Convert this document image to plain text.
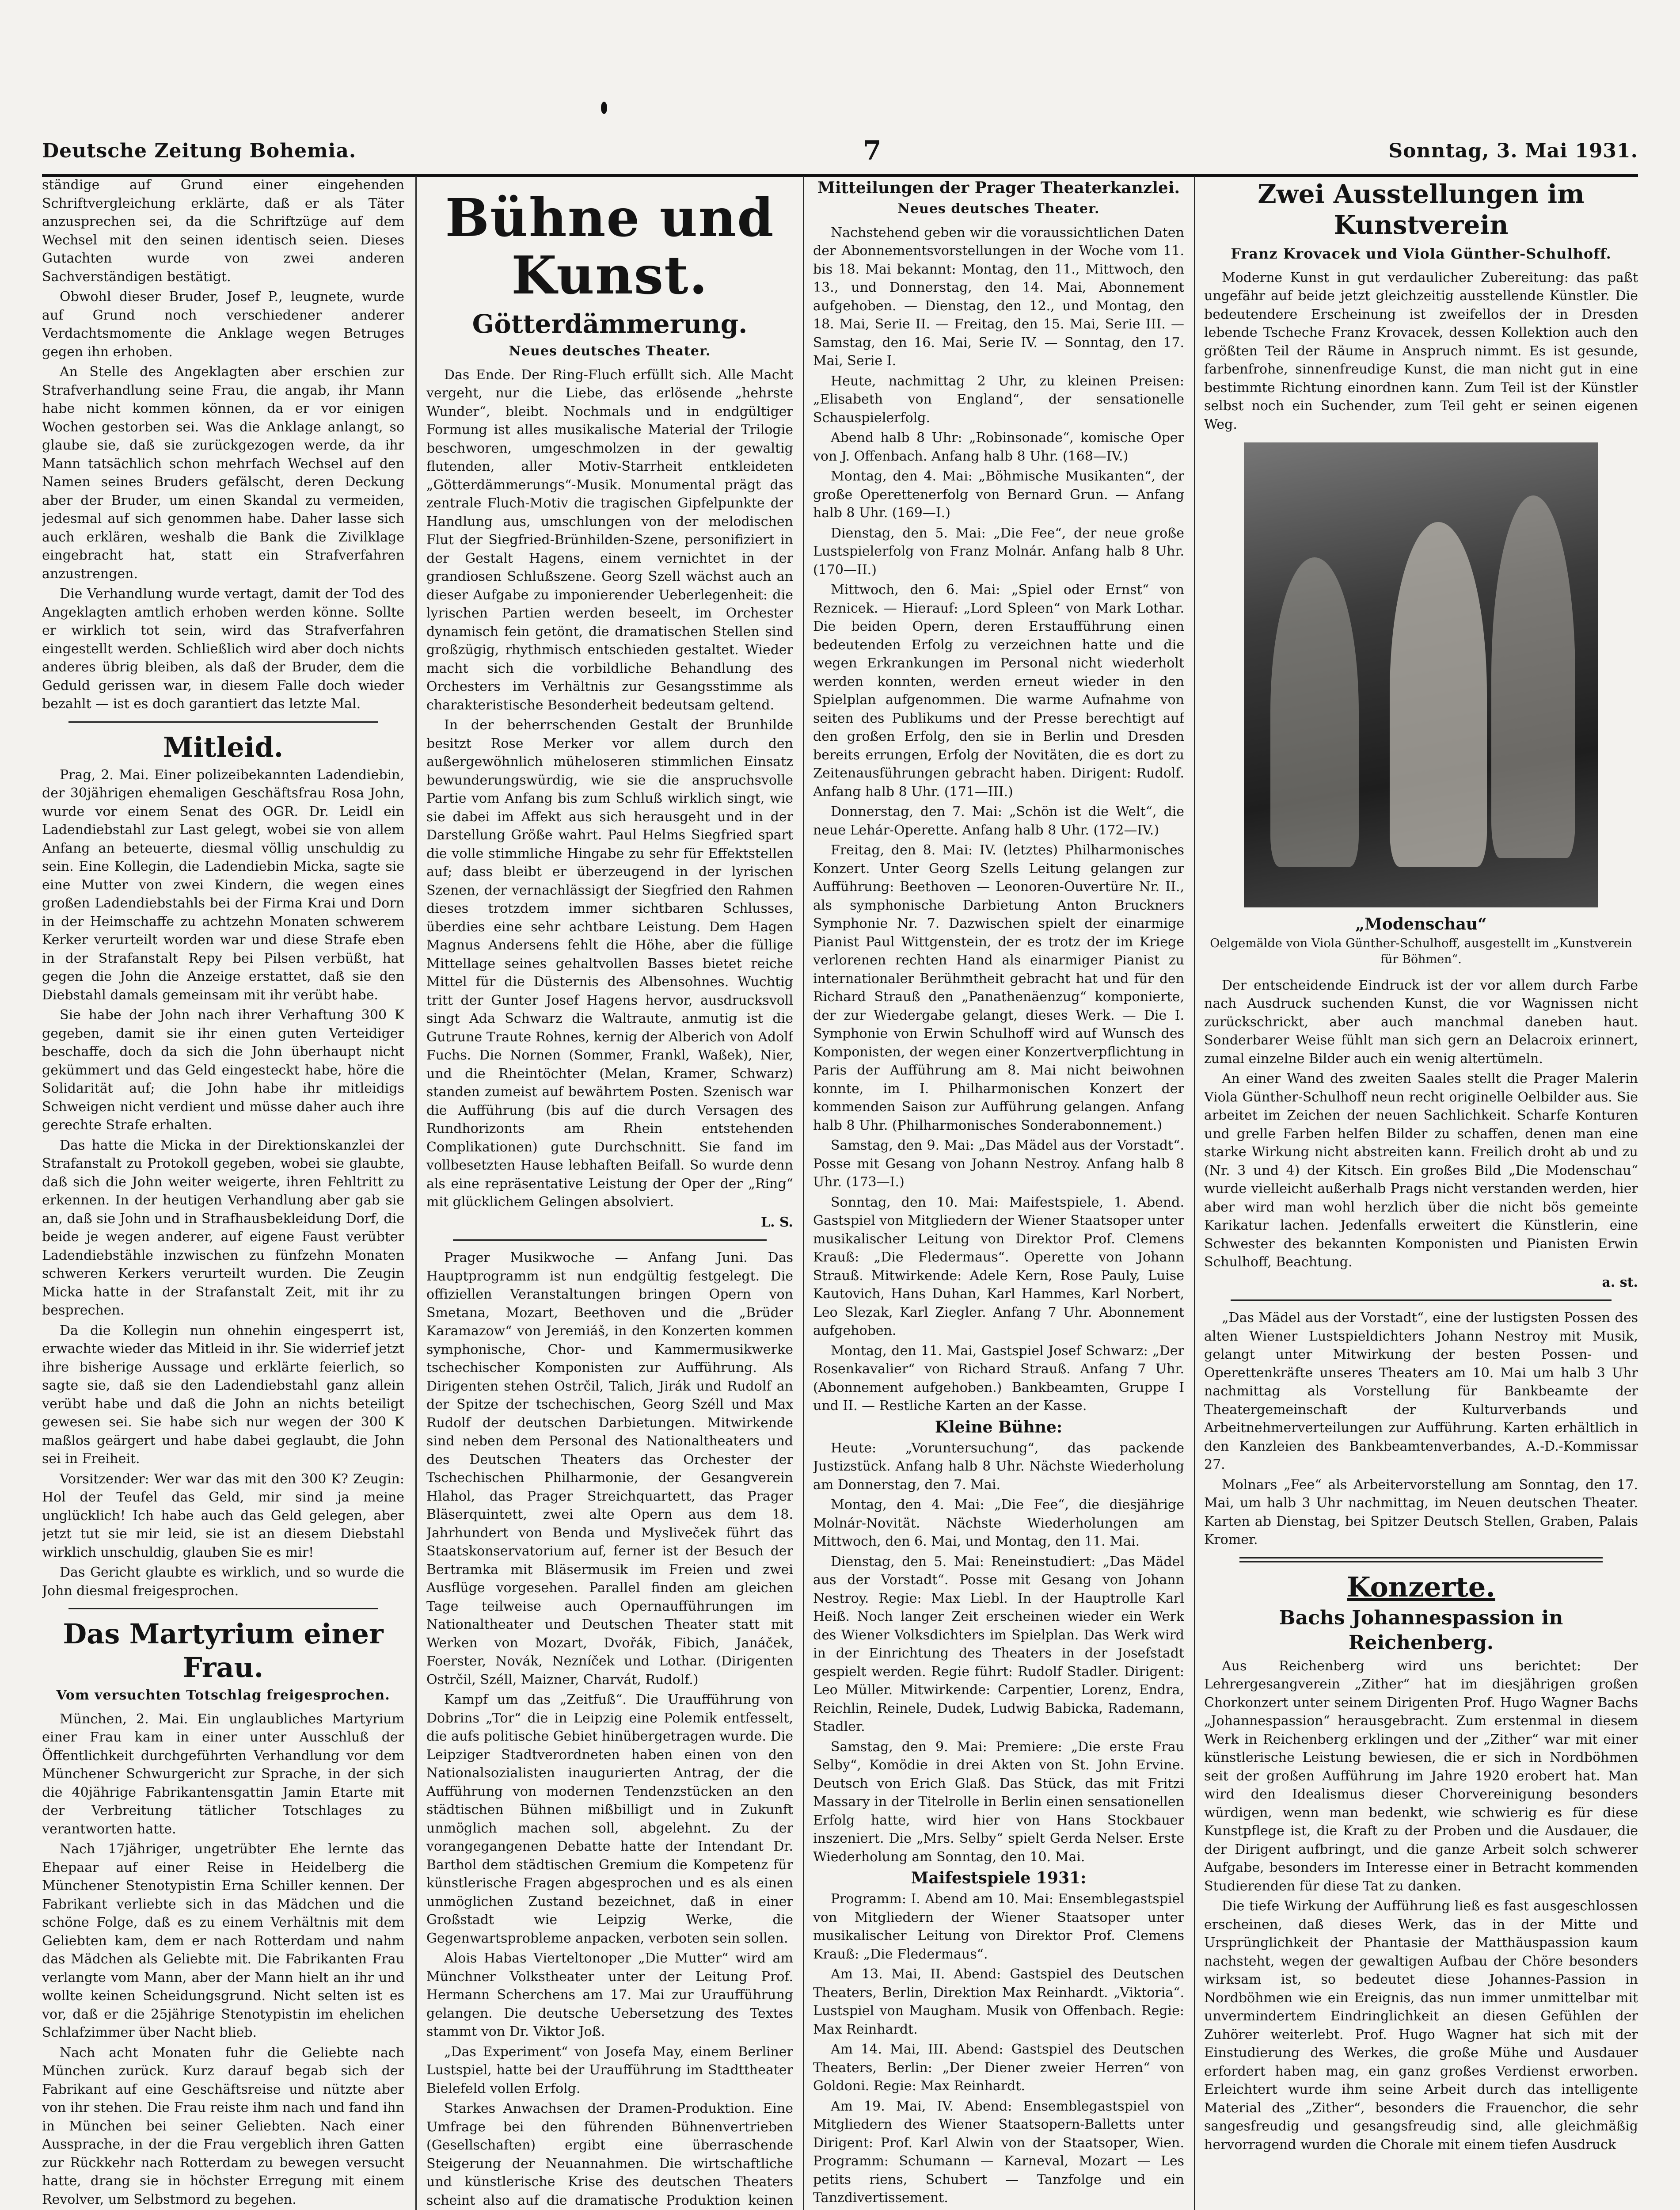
Deutsche Zeitung Bohemia.	7	Sonntag, 3. Mai 1931.

ständige auf Grund einer eingehenden Schriftvergleichung erklärte, daß er als Täter anzusprechen sei, da die Schriftzüge auf dem Wechsel mit den seinen identisch seien. Dieses Gutachten wurde von zwei anderen Sachverständigen bestätigt.

Obwohl dieser Bruder, Josef P., leugnete, wurde auf Grund noch verschiedener anderer Verdachtsmomente die Anklage wegen Betruges gegen ihn erhoben.

An Stelle des Angeklagten aber erschien zur Strafverhandlung seine Frau, die angab, ihr Mann habe nicht kommen können, da er vor einigen Wochen gestorben sei. Was die Anklage anlangt, so glaube sie, daß sie zurückgezogen werde, da ihr Mann tatsächlich schon mehrfach Wechsel auf den Namen seines Bruders gefälscht, deren Deckung aber der Bruder, um einen Skandal zu vermeiden, jedesmal auf sich genommen habe. Daher lasse sich auch erklären, weshalb die Bank die Zivilklage eingebracht hat, statt ein Strafverfahren anzustrengen.

Die Verhandlung wurde vertagt, damit der Tod des Angeklagten amtlich erhoben werden könne. Sollte er wirklich tot sein, wird das Strafverfahren eingestellt werden. Schließlich wird aber doch nichts anderes übrig bleiben, als daß der Bruder, dem die Geduld gerissen war, in diesem Falle doch wieder bezahlt — ist es doch garantiert das letzte Mal.

Mitleid.

Prag, 2. Mai. Einer polizeibekannten Ladendiebin, der 30jährigen ehemaligen Geschäftsfrau Rosa John, wurde vor einem Senat des OGR. Dr. Leidl ein Ladendiebstahl zur Last gelegt, wobei sie von allem Anfang an beteuerte, diesmal völlig unschuldig zu sein. Eine Kollegin, die Ladendiebin Micka, sagte sie eine Mutter von zwei Kindern, die wegen eines großen Ladendiebstahls bei der Firma Krai und Dorn in der Heimschaffe zu achtzehn Monaten schwerem Kerker verurteilt worden war und diese Strafe eben in der Strafanstalt Repy bei Pilsen verbüßt, hat gegen die John die Anzeige erstattet, daß sie den Diebstahl damals gemeinsam mit ihr verübt habe.

Sie habe der John nach ihrer Verhaftung 300 K gegeben, damit sie ihr einen guten Verteidiger beschaffe, doch da sich die John überhaupt nicht gekümmert und das Geld eingesteckt habe, höre die Solidarität auf; die John habe ihr mitleidigs Schweigen nicht verdient und müsse daher auch ihre gerechte Strafe erhalten.

Das hatte die Micka in der Direktionskanzlei der Strafanstalt zu Protokoll gegeben, wobei sie glaubte, daß sich die John weiter weigerte, ihren Fehltritt zu erkennen. In der heutigen Verhandlung aber gab sie an, daß sie John und in Strafhausbekleidung Dorf, die beide je wegen anderer, auf eigene Faust verübter Ladendiebstähle inzwischen zu fünfzehn Monaten schweren Kerkers verurteilt wurden. Die Zeugin Micka hatte in der Strafanstalt Zeit, mit ihr zu besprechen.

Da die Kollegin nun ohnehin eingesperrt ist, erwachte wieder das Mitleid in ihr. Sie widerrief jetzt ihre bisherige Aussage und erklärte feierlich, so sagte sie, daß sie den Ladendiebstahl ganz allein verübt habe und daß die John an nichts beteiligt gewesen sei. Sie habe sich nur wegen der 300 K maßlos geärgert und habe dabei geglaubt, die John sei in Freiheit.

Vorsitzender: Wer war das mit den 300 K? Zeugin: Hol der Teufel das Geld, mir sind ja meine unglücklich! Ich habe auch das Geld gelegen, aber jetzt tut sie mir leid, sie ist an diesem Diebstahl wirklich unschuldig, glauben Sie es mir!

Das Gericht glaubte es wirklich, und so wurde die John diesmal freigesprochen.

Das Martyrium einer Frau.
Vom versuchten Totschlag freigesprochen.

München, 2. Mai. Ein unglaubliches Martyrium einer Frau kam in einer unter Ausschluß der Öffentlichkeit durchgeführten Verhandlung vor dem Münchener Schwurgericht zur Sprache, in der sich die 40jährige Fabrikantensgattin Jamin Etarte mit der Verbreitung tätlicher Totschlages zu verantworten hatte.

Nach 17jähriger, ungetrübter Ehe lernte das Ehepaar auf einer Reise in Heidelberg die Münchener Stenotypistin Erna Schiller kennen. Der Fabrikant verliebte sich in das Mädchen und die schöne Folge, daß es zu einem Verhältnis mit dem Geliebten kam, dem er nach Rotterdam und nahm das Mädchen als Geliebte mit. Die Fabrikanten Frau verlangte vom Mann, aber der Mann hielt an ihr und wollte keinen Scheidungsgrund. Nicht selten ist es vor, daß er die 25jährige Stenotypistin im ehelichen Schlafzimmer über Nacht blieb.

Nach acht Monaten fuhr die Geliebte nach München zurück. Kurz darauf begab sich der Fabrikant auf eine Geschäftsreise und nützte aber von ihr stehen. Die Frau reiste ihm nach und fand ihn in München bei seiner Geliebten. Nach einer Aussprache, in der die Frau vergeblich ihren Gatten zur Rückkehr nach Rotterdam zu bewegen versucht hatte, drang sie in höchster Erregung mit einem Revolver, um Selbstmord zu begehen.

Bühne und Kunst.
Götterdämmerung.
Neues deutsches Theater.

Das Ende. Der Ring-Fluch erfüllt sich. Alle Macht vergeht, nur die Liebe, das erlösende „hehrste Wunder“, bleibt. Nochmals und in endgültiger Formung ist alles musikalische Material der Trilogie beschworen, umgeschmolzen in der gewaltig flutenden, aller Motiv-Starrheit entkleideten „Götterdämmerungs“-Musik. Monumental prägt das zentrale Fluch-Motiv die tragischen Gipfelpunkte der Handlung aus, umschlungen von der melodischen Flut der Siegfried-Brünhilden-Szene, personifiziert in der Gestalt Hagens, einem vernichtet in der grandiosen Schlußszene. Georg Szell wächst auch an dieser Aufgabe zu imponierender Ueberlegenheit: die lyrischen Partien werden beseelt, im Orchester dynamisch fein getönt, die dramatischen Stellen sind großzügig, rhythmisch entschieden gestaltet. Wieder macht sich die vorbildliche Behandlung des Orchesters im Verhältnis zur Gesangsstimme als charakteristische Besonderheit bedeutsam geltend.

In der beherrschenden Gestalt der Brunhilde besitzt Rose Merker vor allem durch den außergewöhnlich müheloseren stimmlichen Einsatz bewunderungswürdig, wie sie die anspruchsvolle Partie vom Anfang bis zum Schluß wirklich singt, wie sie dabei im Affekt aus sich herausgeht und in der Darstellung Größe wahrt. Paul Helms Siegfried spart die volle stimmliche Hingabe zu sehr für Effektstellen auf; dass bleibt er überzeugend in der lyrischen Szenen, der vernachlässigt der Siegfried den Rahmen dieses trotzdem immer sichtbaren Schlusses, überdies eine sehr achtbare Leistung. Dem Hagen Magnus Andersens fehlt die Höhe, aber die füllige Mittellage seines gehaltvollen Basses bietet reiche Mittel für die Düsternis des Albensohnes. Wuchtig tritt der Gunter Josef Hagens hervor, ausdrucksvoll singt Ada Schwarz die Waltraute, anmutig ist die Gutrune Traute Rohnes, kernig der Alberich von Adolf Fuchs. Die Nornen (Sommer, Frankl, Waßek), Nier, und die Rheintöchter (Melan, Kramer, Schwarz) standen zumeist auf bewährtem Posten. Szenisch war die Aufführung (bis auf die durch Versagen des Rundhorizonts am Rhein entstehenden Complikationen) gute Durchschnitt. Sie fand im vollbesetzten Hause lebhaften Beifall. So wurde denn als eine repräsentative Leistung der Oper der „Ring“ mit glücklichem Gelingen absolviert.

L. S.

Prager Musikwoche — Anfang Juni. Das Hauptprogramm ist nun endgültig festgelegt. Die offiziellen Veranstaltungen bringen Opern von Smetana, Mozart, Beethoven und die „Brüder Karamazow“ von Jeremiáš, in den Konzerten kommen symphonische, Chor- und Kammermusikwerke tschechischer Komponisten zur Aufführung. Als Dirigenten stehen Ostrčil, Talich, Jirák und Rudolf an der Spitze der tschechischen, Georg Széll und Max Rudolf der deutschen Darbietungen. Mitwirkende sind neben dem Personal des Nationaltheaters und des Deutschen Theaters das Orchester der Tschechischen Philharmonie, der Gesangverein Hlahol, das Prager Streichquartett, das Prager Bläserquintett, zwei alte Opern aus dem 18. Jahrhundert von Benda und Mysliveček führt das Staatskonservatorium auf, ferner ist der Besuch der Bertramka mit Bläsermusik im Freien und zwei Ausflüge vorgesehen. Parallel finden am gleichen Tage teilweise auch Opernaufführungen im Nationaltheater und Deutschen Theater statt mit Werken von Mozart, Dvořák, Fibich, Janáček, Foerster, Novák, Nezníček und Lothar. (Dirigenten Ostrčil, Széll, Maizner, Charvát, Rudolf.)

Kampf um das „Zeitfuß“. Die Uraufführung von Dobrins „Tor“ die in Leipzig eine Polemik entfesselt, die aufs politische Gebiet hinübergetragen wurde. Die Leipziger Stadtverordneten haben einen von den Nationalsozialisten inaugurierten Antrag, der die Aufführung von modernen Tendenzstücken an den städtischen Bühnen mißbilligt und in Zukunft unmöglich machen soll, abgelehnt. Zu der vorangegangenen Debatte hatte der Intendant Dr. Barthol dem städtischen Gremium die Kompetenz für künstlerische Fragen abgesprochen und es als einen unmöglichen Zustand bezeichnet, daß in einer Großstadt wie Leipzig Werke, die Gegenwartsprobleme anpacken, verboten sein sollen.

Alois Habas Vierteltonoper „Die Mutter“ wird am Münchner Volkstheater unter der Leitung Prof. Hermann Scherchens am 17. Mai zur Uraufführung gelangen. Die deutsche Uebersetzung des Textes stammt von Dr. Viktor Joß.

„Das Experiment“ von Josefa May, einem Berliner Lustspiel, hatte bei der Uraufführung im Stadttheater Bielefeld vollen Erfolg.

Starkes Anwachsen der Dramen-Produktion. Eine Umfrage bei den führenden Bühnenvertrieben (Gesellschaften) ergibt eine überraschende Steigerung der Neuannahmen. Die wirtschaftliche und künstlerische Krise des deutschen Theaters scheint also auf die dramatische Produktion keinen

Mitteilungen der Prager Theaterkanzlei.
Neues deutsches Theater.

Nachstehend geben wir die voraussichtlichen Daten der Abonnementsvorstellungen in der Woche vom 11. bis 18. Mai bekannt: Montag, den 11., Mittwoch, den 13., und Donnerstag, den 14. Mai, Abonnement aufgehoben. — Dienstag, den 12., und Montag, den 18. Mai, Serie II. — Freitag, den 15. Mai, Serie III. — Samstag, den 16. Mai, Serie IV. — Sonntag, den 17. Mai, Serie I.

Heute, nachmittag 2 Uhr, zu kleinen Preisen: „Elisabeth von England“, der sensationelle Schauspielerfolg.

Abend halb 8 Uhr: „Robinsonade“, komische Oper von J. Offenbach. Anfang halb 8 Uhr. (168—IV.)

Montag, den 4. Mai: „Böhmische Musikanten“, der große Operettenerfolg von Bernard Grun. — Anfang halb 8 Uhr. (169—I.)

Dienstag, den 5. Mai: „Die Fee“, der neue große Lustspielerfolg von Franz Molnár. Anfang halb 8 Uhr. (170—II.)

Mittwoch, den 6. Mai: „Spiel oder Ernst“ von Reznicek. — Hierauf: „Lord Spleen“ von Mark Lothar. Die beiden Opern, deren Erstaufführung einen bedeutenden Erfolg zu verzeichnen hatte und die wegen Erkrankungen im Personal nicht wiederholt werden konnten, werden erneut wieder in den Spielplan aufgenommen. Die warme Aufnahme von seiten des Publikums und der Presse berechtigt auf den großen Erfolg, den sie in Berlin und Dresden bereits errungen, Erfolg der Novitäten, die es dort zu Zeitenausführungen gebracht haben. Dirigent: Rudolf. Anfang halb 8 Uhr. (171—III.)

Donnerstag, den 7. Mai: „Schön ist die Welt“, die neue Lehár-Operette. Anfang halb 8 Uhr. (172—IV.)

Freitag, den 8. Mai: IV. (letztes) Philharmonisches Konzert. Unter Georg Szells Leitung gelangen zur Aufführung: Beethoven — Leonoren-Ouvertüre Nr. II., als symphonische Darbietung Anton Bruckners Symphonie Nr. 7. Dazwischen spielt der einarmige Pianist Paul Wittgenstein, der es trotz der im Kriege verlorenen rechten Hand als einarmiger Pianist zu internationaler Berühmtheit gebracht hat und für den Richard Strauß den „Panathenäenzug“ komponierte, der zur Wiedergabe gelangt, dieses Werk. — Die I. Symphonie von Erwin Schulhoff wird auf Wunsch des Komponisten, der wegen einer Konzertverpflichtung in Paris der Aufführung am 8. Mai nicht beiwohnen konnte, im I. Philharmonischen Konzert der kommenden Saison zur Aufführung gelangen. Anfang halb 8 Uhr. (Philharmonisches Sonderabonnement.)

Samstag, den 9. Mai: „Das Mädel aus der Vorstadt“. Posse mit Gesang von Johann Nestroy. Anfang halb 8 Uhr. (173—I.)

Sonntag, den 10. Mai: Maifestspiele, 1. Abend. Gastspiel von Mitgliedern der Wiener Staatsoper unter musikalischer Leitung von Direktor Prof. Clemens Krauß: „Die Fledermaus“. Operette von Johann Strauß. Mitwirkende: Adele Kern, Rose Pauly, Luise Kautovich, Hans Duhan, Karl Hammes, Karl Norbert, Leo Slezak, Karl Ziegler. Anfang 7 Uhr. Abonnement aufgehoben.

Montag, den 11. Mai, Gastspiel Josef Schwarz: „Der Rosenkavalier“ von Richard Strauß. Anfang 7 Uhr. (Abonnement aufgehoben.) Bankbeamten, Gruppe I und II. — Restliche Karten an der Kasse.

Kleine Bühne:

Heute: „Voruntersuchung“, das packende Justizstück. Anfang halb 8 Uhr. Nächste Wiederholung am Donnerstag, den 7. Mai.

Montag, den 4. Mai: „Die Fee“, die diesjährige Molnár-Novität. Nächste Wiederholungen am Mittwoch, den 6. Mai, und Montag, den 11. Mai.

Dienstag, den 5. Mai: Reneinstudiert: „Das Mädel aus der Vorstadt“. Posse mit Gesang von Johann Nestroy. Regie: Max Liebl. In der Hauptrolle Karl Heiß. Noch langer Zeit erscheinen wieder ein Werk des Wiener Volksdichters im Spielplan. Das Werk wird in der Einrichtung des Theaters in der Josefstadt gespielt werden. Regie führt: Rudolf Stadler. Dirigent: Leo Müller. Mitwirkende: Carpentier, Lorenz, Endra, Reichlin, Reinele, Dudek, Ludwig Babicka, Rademann, Stadler.

Samstag, den 9. Mai: Premiere: „Die erste Frau Selby“, Komödie in drei Akten von St. John Ervine. Deutsch von Erich Glaß. Das Stück, das mit Fritzi Massary in der Titelrolle in Berlin einen sensationellen Erfolg hatte, wird hier von Hans Stockbauer inszeniert. Die „Mrs. Selby“ spielt Gerda Nelser. Erste Wiederholung am Sonntag, den 10. Mai.

Maifestspiele 1931:

Programm: I. Abend am 10. Mai: Ensemblegastspiel von Mitgliedern der Wiener Staatsoper unter musikalischer Leitung von Direktor Prof. Clemens Krauß: „Die Fledermaus“.

Am 13. Mai, II. Abend: Gastspiel des Deutschen Theaters, Berlin, Direktion Max Reinhardt. „Viktoria“. Lustspiel von Maugham. Musik von Offenbach. Regie: Max Reinhardt.

Am 14. Mai, III. Abend: Gastspiel des Deutschen Theaters, Berlin: „Der Diener zweier Herren“ von Goldoni. Regie: Max Reinhardt.

Am 19. Mai, IV. Abend: Ensemblegastspiel von Mitgliedern des Wiener Staatsopern-Balletts unter Dirigent: Prof. Karl Alwin von der Staatsoper, Wien. Programm: Schumann — Karneval, Mozart — Les petits riens, Schubert — Tanzfolge und ein Tanzdivertissement.

Zwei Ausstellungen im Kunstverein
Franz Krovacek und Viola Günther-Schulhoff.

Moderne Kunst in gut verdaulicher Zubereitung: das paßt ungefähr auf beide jetzt gleichzeitig ausstellende Künstler. Die bedeutendere Erscheinung ist zweifellos der in Dresden lebende Tscheche Franz Krovacek, dessen Kollektion auch den größten Teil der Räume in Anspruch nimmt. Es ist gesunde, farbenfrohe, sinnenfreudige Kunst, die man nicht gut in eine bestimmte Richtung einordnen kann. Zum Teil ist der Künstler selbst noch ein Suchender, zum Teil geht er seinen eigenen Weg.

„Modenschau“
Oelgemälde von Viola Günther-Schulhoff, ausgestellt im „Kunstverein für Böhmen“.

Der entscheidende Eindruck ist der vor allem durch Farbe nach Ausdruck suchenden Kunst, die vor Wagnissen nicht zurückschrickt, aber auch manchmal daneben haut. Sonderbarer Weise fühlt man sich gern an Delacroix erinnert, zumal einzelne Bilder auch ein wenig altertümeln.

An einer Wand des zweiten Saales stellt die Prager Malerin Viola Günther-Schulhoff neun recht originelle Oelbilder aus. Sie arbeitet im Zeichen der neuen Sachlichkeit. Scharfe Konturen und grelle Farben helfen Bilder zu schaffen, denen man eine starke Wirkung nicht abstreiten kann. Freilich droht ab und zu (Nr. 3 und 4) der Kitsch. Ein großes Bild „Die Modenschau“ wurde vielleicht außerhalb Prags nicht verstanden werden, hier aber wird man wohl herzlich über die nicht bös gemeinte Karikatur lachen. Jedenfalls erweitert die Künstlerin, eine Schwester des bekannten Komponisten und Pianisten Erwin Schulhoff, Beachtung.

a. st.

„Das Mädel aus der Vorstadt“, eine der lustigsten Possen des alten Wiener Lustspieldichters Johann Nestroy mit Musik, gelangt unter Mitwirkung der besten Possen- und Operettenkräfte unseres Theaters am 10. Mai um halb 3 Uhr nachmittag als Vorstellung für Bankbeamte der Theatergemeinschaft der Kulturverbands und Arbeitnehmerverteilungen zur Aufführung. Karten erhältlich in den Kanzleien des Bankbeamtenverbandes, A.-D.-Kommissar 27.

Molnars „Fee“ als Arbeitervorstellung am Sonntag, den 17. Mai, um halb 3 Uhr nachmittag, im Neuen deutschen Theater. Karten ab Dienstag, bei Spitzer Deutsch Stellen, Graben, Palais Kromer.

Konzerte.
Bachs Johannespassion in Reichenberg.

Aus Reichenberg wird uns berichtet: Der Lehrergesangverein „Zither“ hat im diesjährigen großen Chorkonzert unter seinem Dirigenten Prof. Hugo Wagner Bachs „Johannespassion“ herausgebracht. Zum erstenmal in diesem Werk in Reichenberg erklingen und der „Zither“ war mit einer künstlerische Leistung bewiesen, die er sich in Nordböhmen seit der großen Aufführung im Jahre 1920 erobert hat. Man wird den Idealismus dieser Chorvereinigung besonders würdigen, wenn man bedenkt, wie schwierig es für diese Kunstpflege ist, die Kraft zu der Proben und die Ausdauer, die der Dirigent aufbringt, und die ganze Arbeit solch schwerer Aufgabe, besonders im Interesse einer in Betracht kommenden Studierenden für diese Tat zu danken.

Die tiefe Wirkung der Aufführung ließ es fast ausgeschlossen erscheinen, daß dieses Werk, das in der Mitte und Ursprünglichkeit der Phantasie der Matthäuspassion kaum nachsteht, wegen der gewaltigen Aufbau der Chöre besonders wirksam ist, so bedeutet diese Johannes-Passion in Nordböhmen wie ein Ereignis, das nun immer unmittelbar mit unvermindertem Eindringlichkeit an diesen Gefühlen der Zuhörer weiterlebt. Prof. Hugo Wagner hat sich mit der Einstudierung des Werkes, die große Mühe und Ausdauer erfordert haben mag, ein ganz großes Verdienst erworben. Erleichtert wurde ihm seine Arbeit durch das intelligente Material des „Zither“, besonders die Frauenchor, die sehr sangesfreudig und gesangsfreudig sind, alle gleichmäßig hervorragend wurden die Chorale mit einem tiefen Ausdruck
